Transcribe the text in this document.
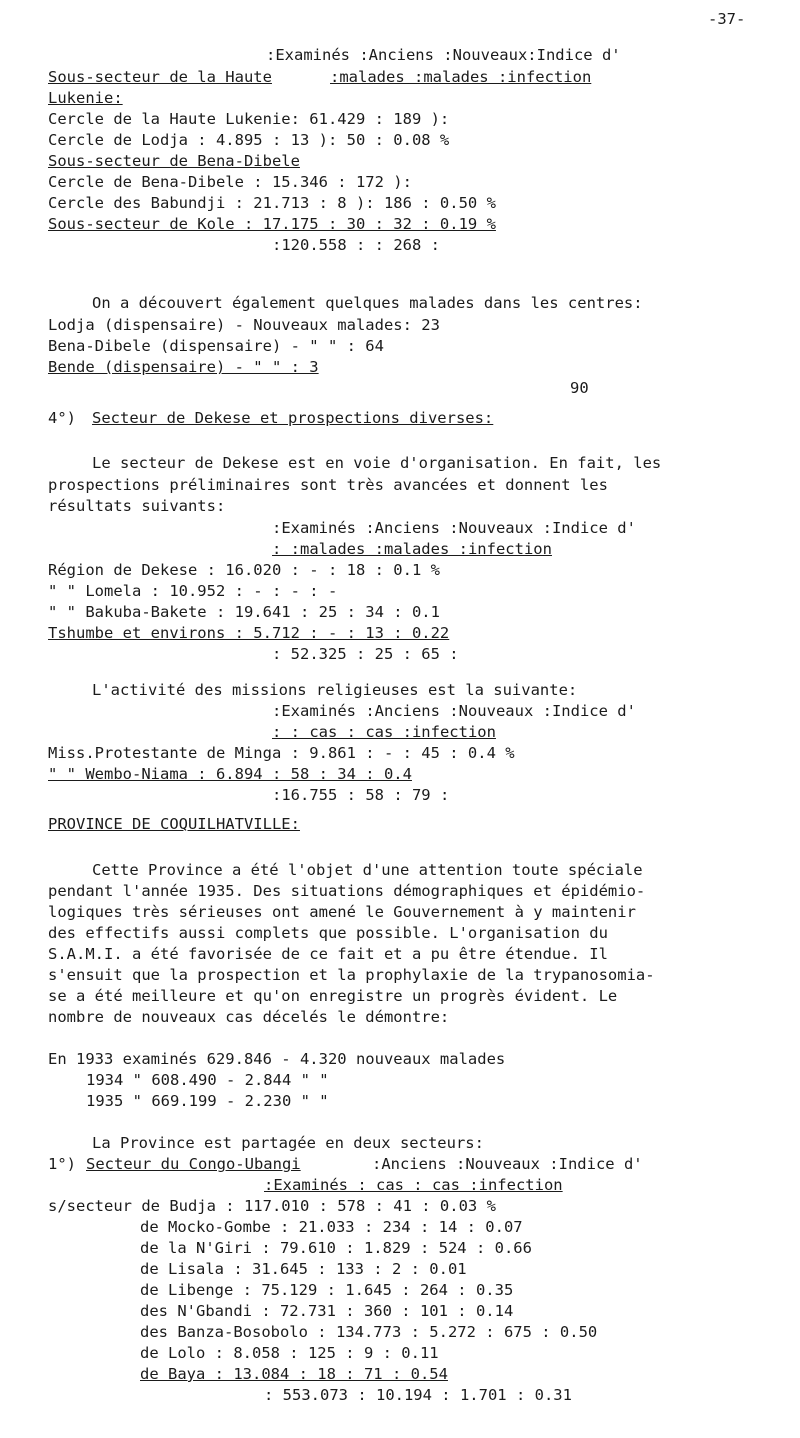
-37-
:Examinés :Anciens :Nouveaux:Indice d'
Sous-secteur de la Haute	:malades :malades :infection
Lukenie:
Cercle de la Haute Lukenie: 61.429 : 189 ):
Cercle de Lodja : 4.895 : 13 ): 50 : 0.08 %
Sous-secteur de Bena-Dibele
Cercle de Bena-Dibele : 15.346 : 172 ):
Cercle des Babundji : 21.713 : 8 ): 186 : 0.50 %
Sous-secteur de Kole : 17.175 : 30 : 32 : 0.19 %
:120.558 : : 268 :
On a découvert également quelques malades dans les centres:
Lodja (dispensaire) - Nouveaux malades: 23
Bena-Dibele (dispensaire) - " " : 64
Bende (dispensaire) - " " : 3
90
4°) Secteur de Dekese et prospections diverses:
Le secteur de Dekese est en voie d'organisation. En fait, les
prospections préliminaires sont très avancées et donnent les
résultats suivants:
:Examinés :Anciens :Nouveaux :Indice d'
: :malades :malades :infection
Région de Dekese : 16.020 : - : 18 : 0.1 %
" " Lomela : 10.952 : - : - : -
" " Bakuba-Bakete : 19.641 : 25 : 34 : 0.1
Tshumbe et environs : 5.712 : - : 13 : 0.22
: 52.325 : 25 : 65 :
L'activité des missions religieuses est la suivante:
:Examinés :Anciens :Nouveaux :Indice d'
: : cas : cas :infection
Miss.Protestante de Minga : 9.861 : - : 45 : 0.4 %
" " Wembo-Niama : 6.894 : 58 : 34 : 0.4
:16.755 : 58 : 79 :
PROVINCE DE COQUILHATVILLE:
Cette Province a été l'objet d'une attention toute spéciale
pendant l'année 1935. Des situations démographiques et épidémio-
logiques très sérieuses ont amené le Gouvernement à y maintenir
des effectifs aussi complets que possible. L'organisation du
S.A.M.I. a été favorisée de ce fait et a pu être étendue. Il
s'ensuit que la prospection et la prophylaxie de la trypanosomia-
se a été meilleure et qu'on enregistre un progrès évident. Le
nombre de nouveaux cas décelés le démontre:
En 1933 examinés 629.846 - 4.320 nouveaux malades
1934 " 608.490 - 2.844 " "
1935 " 669.199 - 2.230 " "
La Province est partagée en deux secteurs:
1°) Secteur du Congo-Ubangi	:Anciens :Nouveaux :Indice d'
:Examinés : cas : cas :infection
s/secteur de Budja : 117.010 : 578 : 41 : 0.03 %
de Mocko-Gombe : 21.033 : 234 : 14 : 0.07
de la N'Giri : 79.610 : 1.829 : 524 : 0.66
de Lisala : 31.645 : 133 : 2 : 0.01
de Libenge : 75.129 : 1.645 : 264 : 0.35
des N'Gbandi : 72.731 : 360 : 101 : 0.14
des Banza-Bosobolo : 134.773 : 5.272 : 675 : 0.50
de Lolo : 8.058 : 125 : 9 : 0.11
de Baya : 13.084 : 18 : 71 : 0.54
: 553.073 : 10.194 : 1.701 : 0.31
